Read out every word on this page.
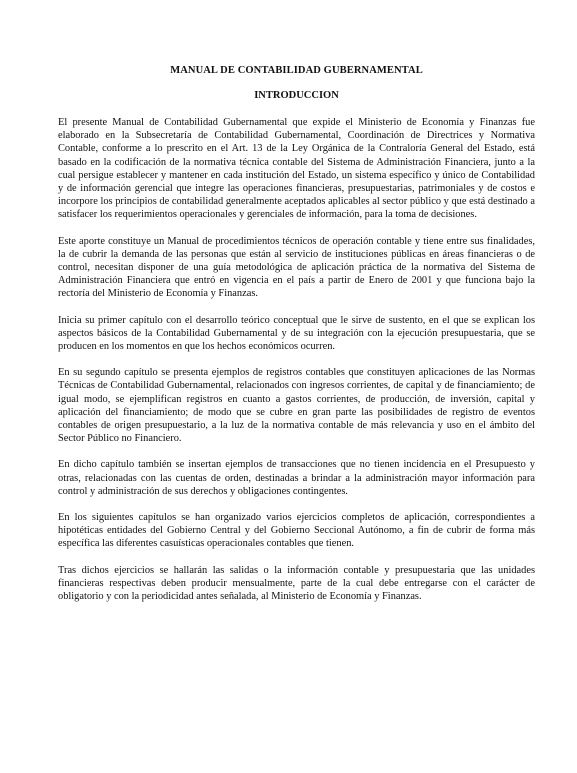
MANUAL DE CONTABILIDAD GUBERNAMENTAL
INTRODUCCION

El presente Manual de Contabilidad Gubernamental que expide el Ministerio de Economía y Finanzas fue elaborado en la Subsecretaría de Contabilidad Gubernamental, Coordinación de Directrices y Normativa Contable, conforme a lo prescrito en el Art. 13 de la Ley Orgánica de la Contraloría General del Estado, está basado en la codificación de la normativa técnica contable del Sistema de Administración Financiera, junto a la cual persigue establecer y mantener en cada institución del Estado, un sistema específico y único de Contabilidad y de información gerencial que integre las operaciones financieras, presupuestarias, patrimoniales y de costos e incorpore los principios de contabilidad generalmente aceptados aplicables al sector público y que está destinado a satisfacer los requerimientos operacionales y gerenciales de información, para la toma de decisiones.

Este aporte constituye un Manual de procedimientos técnicos de operación contable y tiene entre sus finalidades, la de cubrir la demanda de las personas que están al servicio de instituciones públicas en áreas financieras o de control, necesitan disponer de una guía metodológica de aplicación práctica de la normativa del Sistema de Administración Financiera que entró en vigencia en el país a partir de Enero de 2001 y que funciona bajo la rectoría del Ministerio de Economía y Finanzas.

Inicia su primer capítulo con el desarrollo teórico conceptual que le sirve de sustento, en el que se explican los aspectos básicos de la Contabilidad Gubernamental y de su integración con la ejecución presupuestaria, que se producen en los momentos en que los hechos económicos ocurren.

En su segundo capítulo se presenta ejemplos de registros contables que constituyen aplicaciones de las Normas Técnicas de Contabilidad Gubernamental, relacionados con ingresos corrientes, de capital y de financiamiento; de igual modo, se ejemplifican registros en cuanto a gastos corrientes, de producción, de inversión, capital y aplicación del financiamiento; de modo que se cubre en gran parte las posibilidades de registro de eventos contables de origen presupuestario, a la luz de la normativa contable de más relevancia y uso en el ámbito del Sector Público no Financiero.

En dicho capítulo también se insertan ejemplos de transacciones que no tienen incidencia en el Presupuesto y otras, relacionadas con las cuentas de orden, destinadas a brindar a la administración mayor información para control y administración de sus derechos y obligaciones contingentes.

En los siguientes capítulos se han organizado varios ejercicios completos de aplicación, correspondientes a hipotéticas entidades del Gobierno Central y del Gobierno Seccional Autónomo, a fin de cubrir de forma más específica las diferentes casuísticas operacionales contables que tienen.

Tras dichos ejercicios se hallarán las salidas o la información contable y presupuestaria que las unidades financieras respectivas deben producir mensualmente, parte de la cual debe entregarse con el carácter de obligatorio y con la periodicidad antes señalada, al Ministerio de Economía y Finanzas.
